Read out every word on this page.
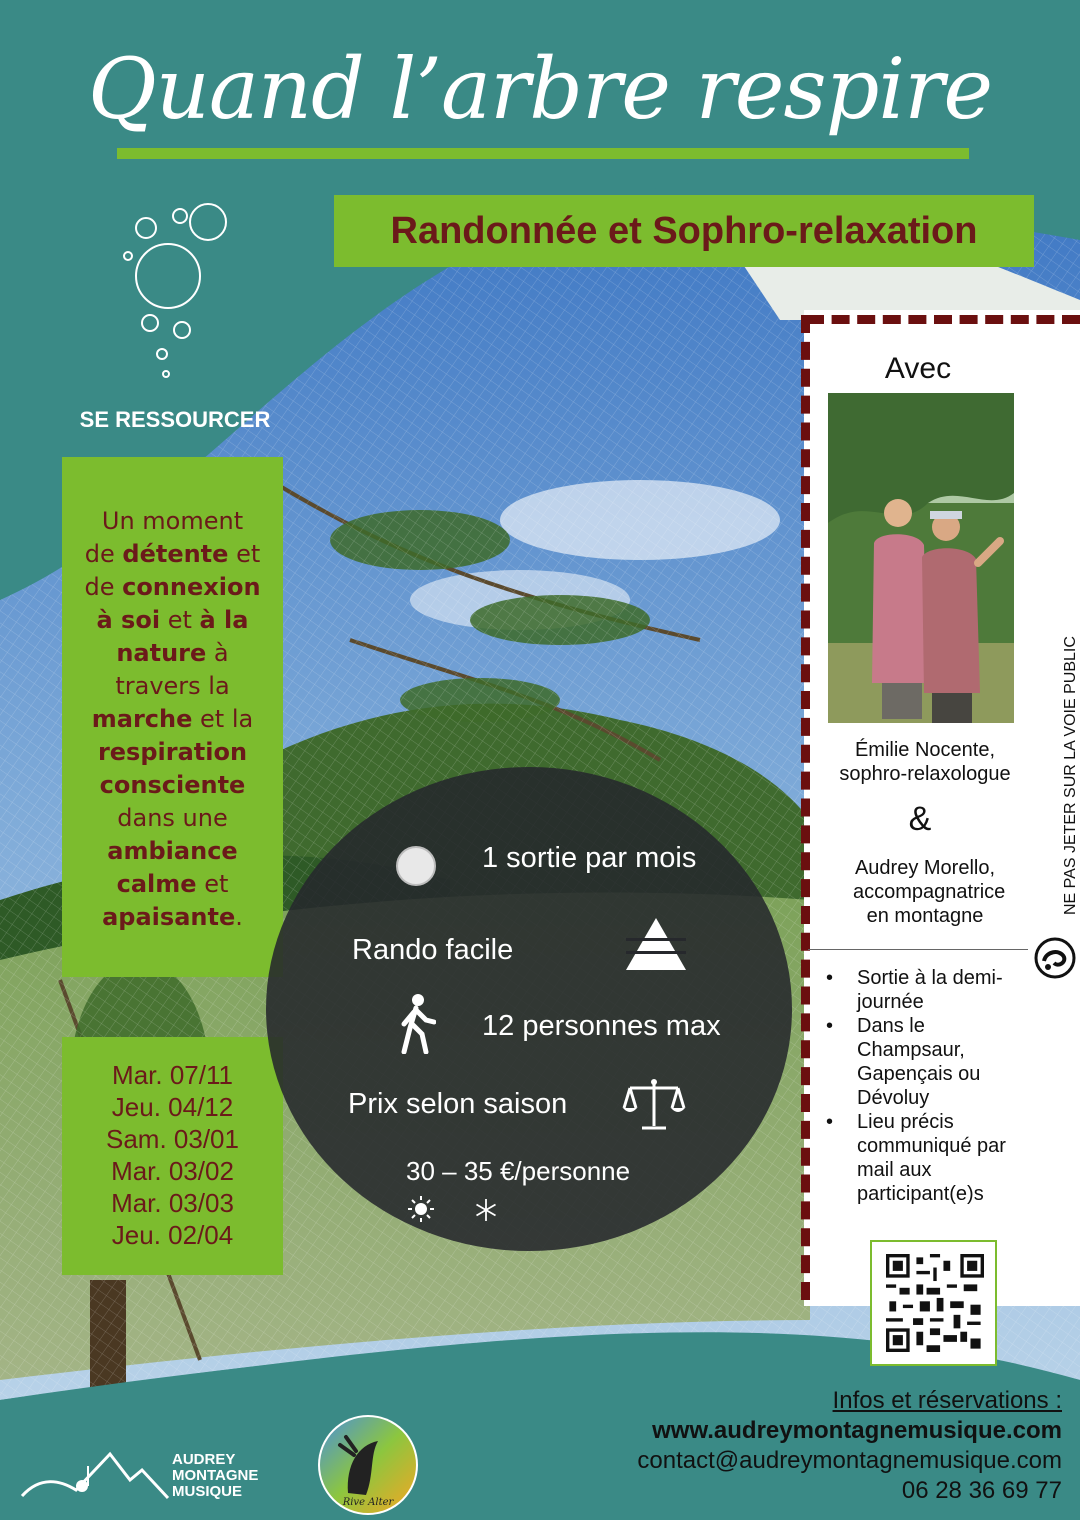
Quand l’arbre respire
Randonnée et Sophro-relaxation
SE RESSOURCER
Un moment de détente et de connexion à soi et à la nature à travers la marche et la respiration consciente dans une ambiance calme et apaisante.
Mar. 07/11
Jeu. 04/12
Sam. 03/01
Mar. 03/02
Mar. 03/03
Jeu. 02/04
1 sortie par mois
Rando facile
12 personnes max
Prix selon saison
30 – 35 €/personne
Avec
Émilie Nocente,
sophro-relaxologue
&
Audrey Morello,
accompagnatrice en montagne
NE PAS JETER SUR LA VOIE PUBLIC
• Sortie à la demi-journée
• Dans le Champsaur, Gapençais ou Dévoluy
• Lieu précis communiqué par mail aux participant(e)s
Infos et réservations :
www.audreymontagnemusique.com
contact@audreymontagnemusique.com
06 28 36 69 77
AUDREY
MONTAGNE
MUSIQUE
Rive Alter
